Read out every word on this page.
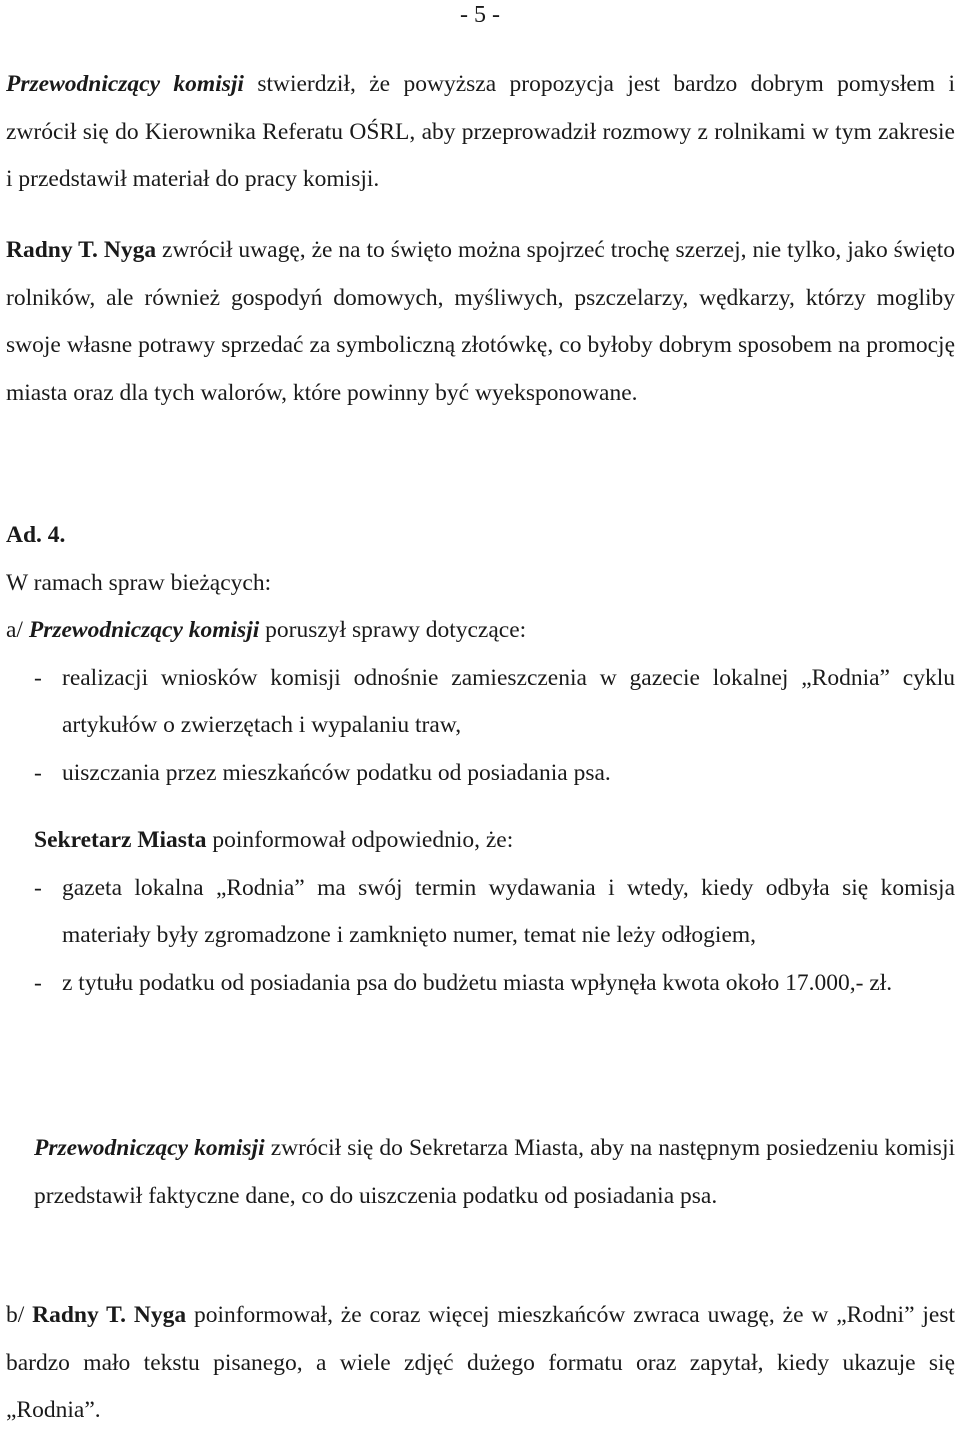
- 5 -

Przewodniczący komisji stwierdził, że powyższa propozycja jest bardzo dobrym pomysłem i zwrócił się do Kierownika Referatu OŚRL, aby przeprowadził rozmowy z rolnikami w tym zakresie i przedstawił materiał do pracy komisji.

Radny T. Nyga zwrócił uwagę, że na to święto można spojrzeć trochę szerzej, nie tylko, jako święto rolników, ale również gospodyń domowych, myśliwych, pszczelarzy, wędkarzy, którzy mogliby swoje własne potrawy sprzedać za symboliczną złotówkę, co byłoby dobrym sposobem na promocję miasta oraz dla tych walorów, które powinny być wyeksponowane.

Ad. 4.

W ramach spraw bieżących:

a/ Przewodniczący komisji poruszył sprawy dotyczące:

- realizacji wniosków komisji odnośnie zamieszczenia w gazecie lokalnej „Rodnia” cyklu artykułów o zwierzętach i wypalaniu traw,
- uiszczania przez mieszkańców podatku od posiadania psa.

Sekretarz Miasta poinformował odpowiednio, że:

- gazeta lokalna „Rodnia” ma swój termin wydawania i wtedy, kiedy odbyła się komisja materiały były zgromadzone i zamknięto numer, temat nie leży odłogiem,
- z tytułu podatku od posiadania psa do budżetu miasta wpłynęła kwota około 17.000,- zł.

Przewodniczący komisji zwrócił się do Sekretarza Miasta, aby na następnym posiedzeniu komisji przedstawił faktyczne dane, co do uiszczenia podatku od posiadania psa.

b/ Radny T. Nyga poinformował, że coraz więcej mieszkańców zwraca uwagę, że w „Rodni” jest bardzo mało tekstu pisanego, a wiele zdjęć dużego formatu oraz zapytał, kiedy ukazuje się „Rodnia”.
